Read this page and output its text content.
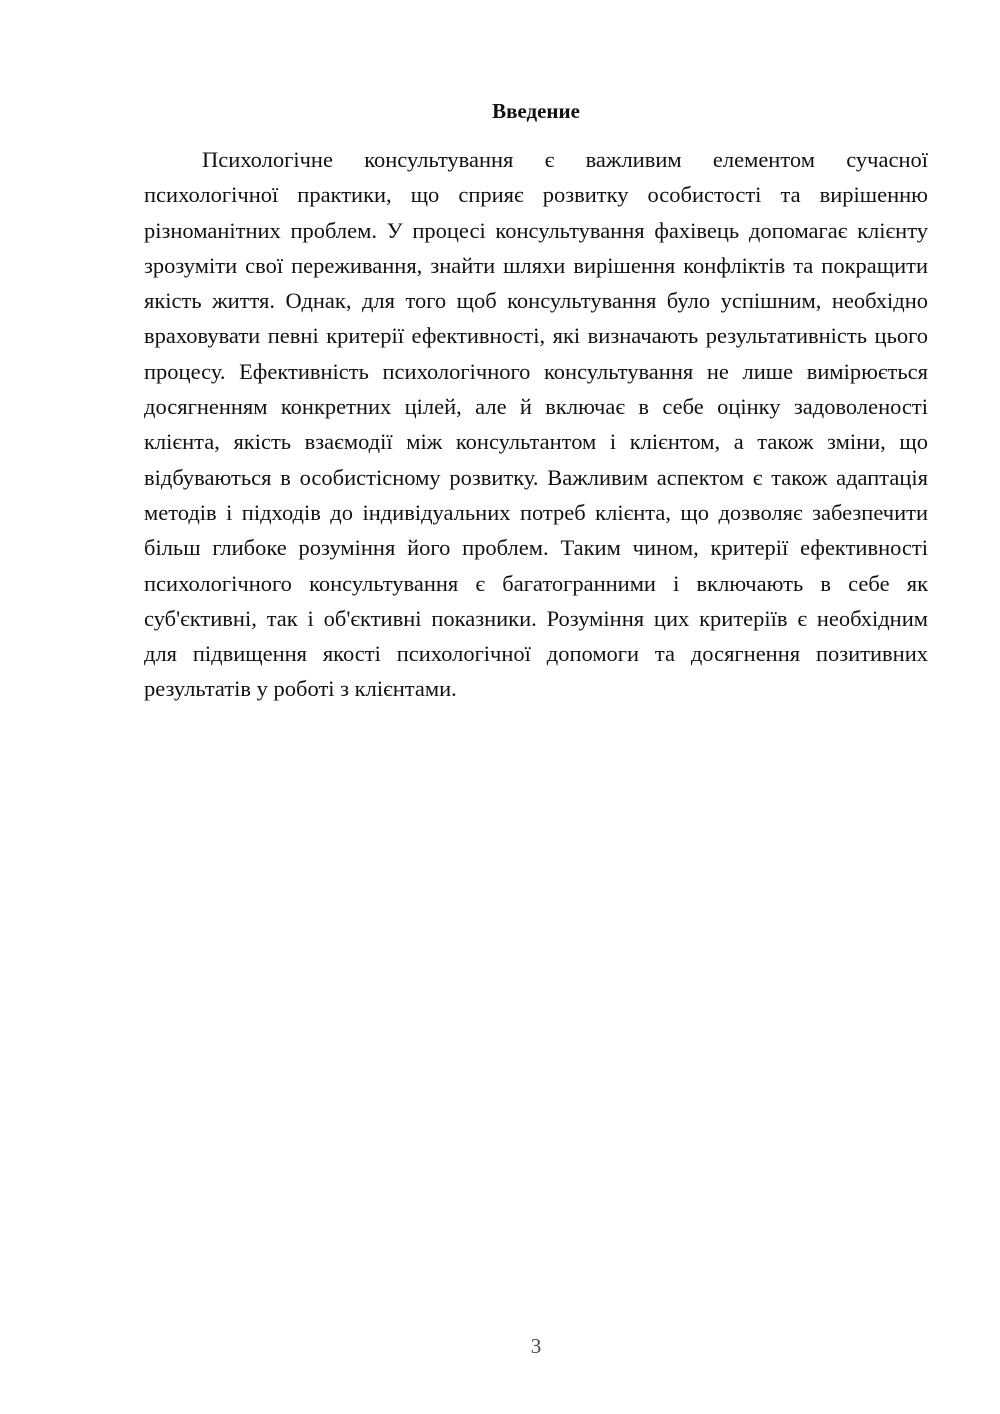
Введение

Психологічне консультування є важливим елементом сучасної психологічної практики, що сприяє розвитку особистості та вирішенню різноманітних проблем. У процесі консультування фахівець допомагає клієнту зрозуміти свої переживання, знайти шляхи вирішення конфліктів та покращити якість життя. Однак, для того щоб консультування було успішним, необхідно враховувати певні критерії ефективності, які визначають результативність цього процесу. Ефективність психологічного консультування не лише вимірюється досягненням конкретних цілей, але й включає в себе оцінку задоволеності клієнта, якість взаємодії між консультантом і клієнтом, а також зміни, що відбуваються в особистісному розвитку. Важливим аспектом є також адаптація методів і підходів до індивідуальних потреб клієнта, що дозволяє забезпечити більш глибоке розуміння його проблем. Таким чином, критерії ефективності психологічного консультування є багатогранними і включають в себе як суб'єктивні, так і об'єктивні показники. Розуміння цих критеріїв є необхідним для підвищення якості психологічної допомоги та досягнення позитивних результатів у роботі з клієнтами.

3
